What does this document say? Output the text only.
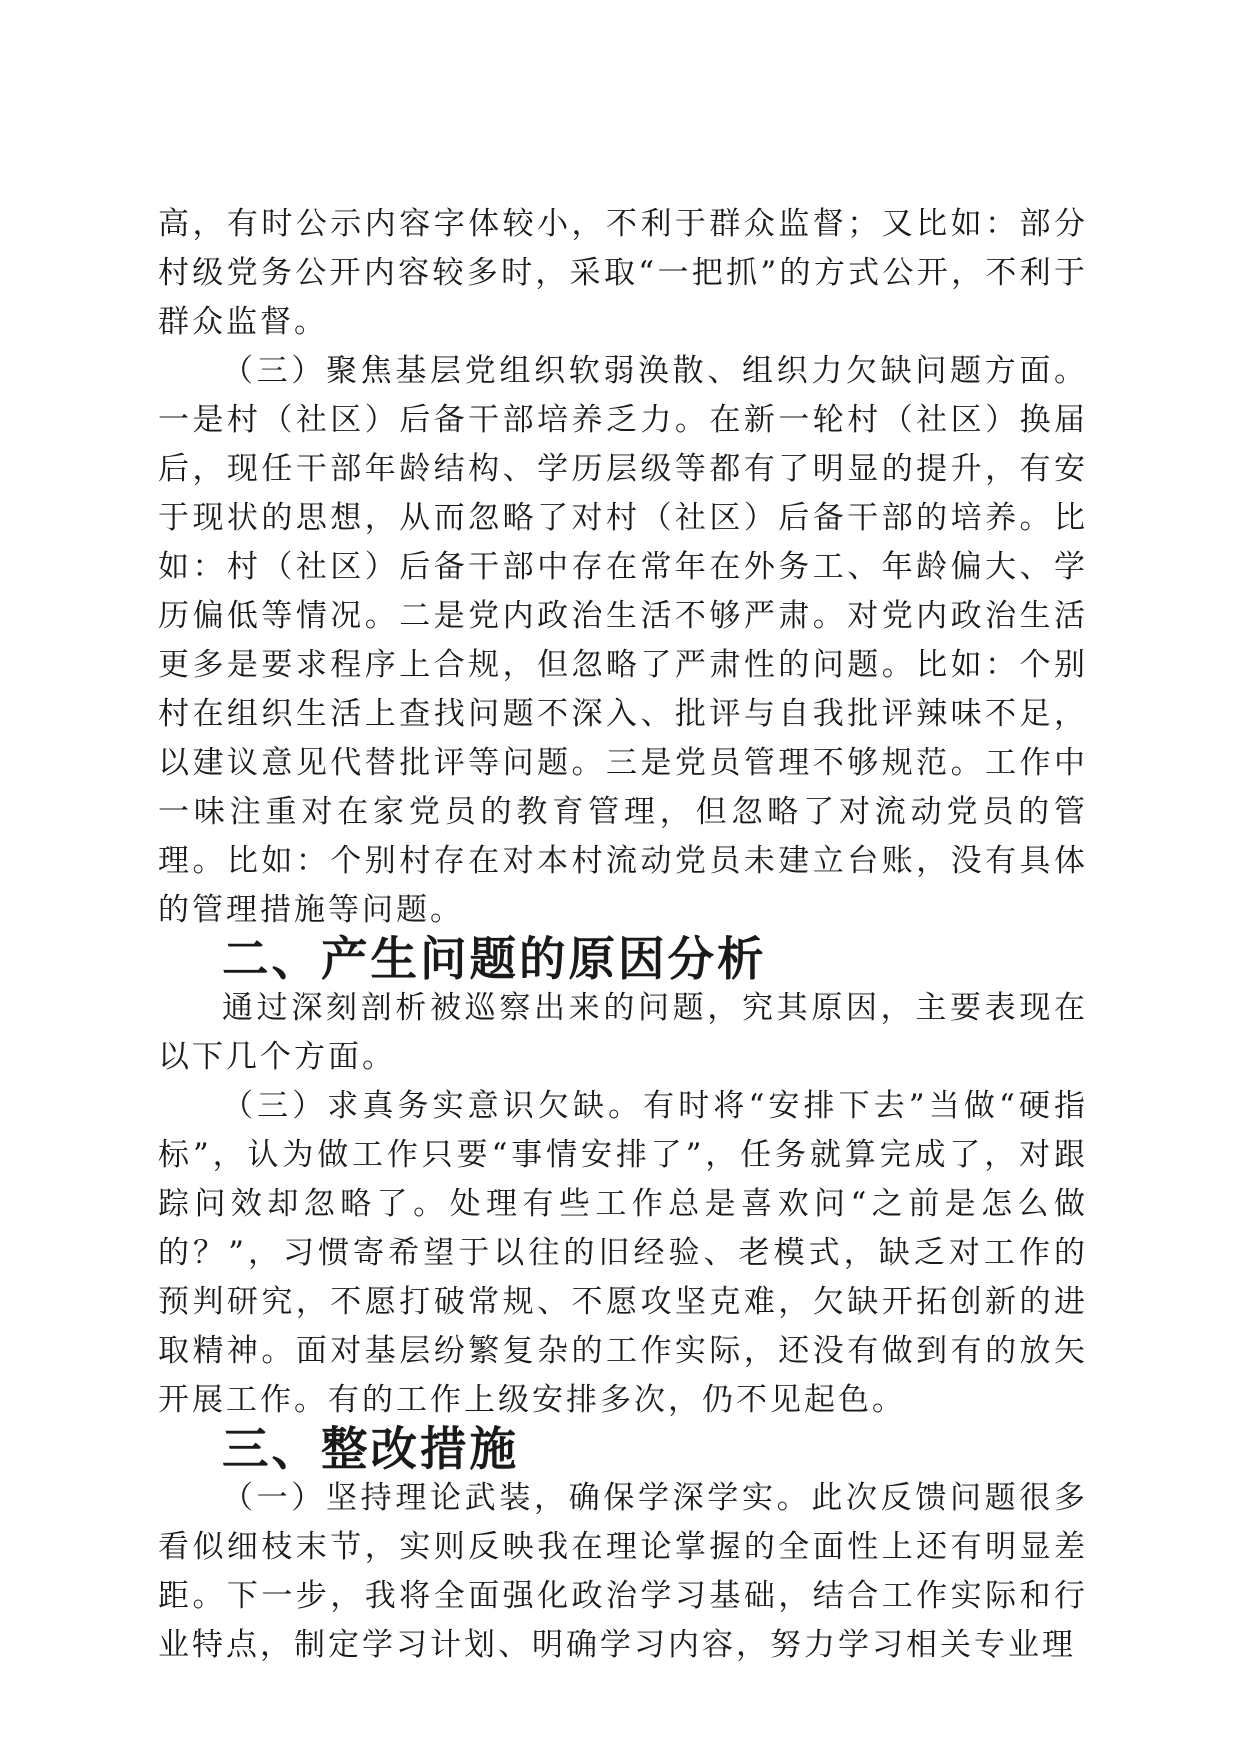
高，有时公示内容字体较小，不利于群众监督；又比如：部分村级党务公开内容较多时，采取“一把抓”的方式公开，不利于群众监督。

（三）聚焦基层党组织软弱涣散、组织力欠缺问题方面。一是村（社区）后备干部培养乏力。在新一轮村（社区）换届后，现任干部年龄结构、学历层级等都有了明显的提升，有安于现状的思想，从而忽略了对村（社区）后备干部的培养。比如：村（社区）后备干部中存在常年在外务工、年龄偏大、学历偏低等情况。二是党内政治生活不够严肃。对党内政治生活更多是要求程序上合规，但忽略了严肃性的问题。比如：个别村在组织生活上查找问题不深入、批评与自我批评辣味不足，以建议意见代替批评等问题。三是党员管理不够规范。工作中一味注重对在家党员的教育管理，但忽略了对流动党员的管理。比如：个别村存在对本村流动党员未建立台账，没有具体的管理措施等问题。

二、产生问题的原因分析

通过深刻剖析被巡察出来的问题，究其原因，主要表现在以下几个方面。

（三）求真务实意识欠缺。有时将“安排下去”当做“硬指标”，认为做工作只要“事情安排了”，任务就算完成了，对跟踪问效却忽略了。处理有些工作总是喜欢问“之前是怎么做的？”，习惯寄希望于以往的旧经验、老模式，缺乏对工作的预判研究，不愿打破常规、不愿攻坚克难，欠缺开拓创新的进取精神。面对基层纷繁复杂的工作实际，还没有做到有的放矢开展工作。有的工作上级安排多次，仍不见起色。

三、整改措施

（一）坚持理论武装，确保学深学实。此次反馈问题很多看似细枝末节，实则反映我在理论掌握的全面性上还有明显差距。下一步，我将全面强化政治学习基础，结合工作实际和行业特点，制定学习计划、明确学习内容，努力学习相关专业理
